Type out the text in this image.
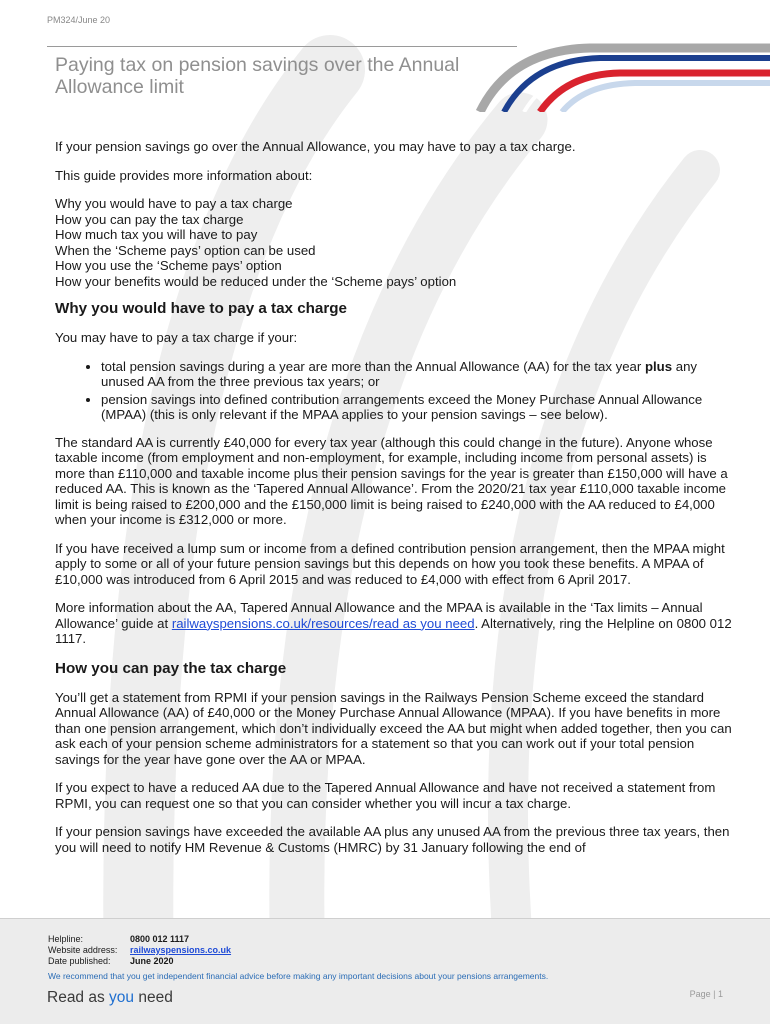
PM324/June 20
Paying tax on pension savings over the Annual Allowance limit

If your pension savings go over the Annual Allowance, you may have to pay a tax charge.

This guide provides more information about:

Why you would have to pay a tax charge
How you can pay the tax charge
How much tax you will have to pay
When the ‘Scheme pays’ option can be used
How you use the ‘Scheme pays’ option
How your benefits would be reduced under the ‘Scheme pays’ option
Why you would have to pay a tax charge

You may have to pay a tax charge if your:

• total pension savings during a year are more than the Annual Allowance (AA) for the tax year plus any unused AA from the three previous tax years; or
• pension savings into defined contribution arrangements exceed the Money Purchase Annual Allowance (MPAA) (this is only relevant if the MPAA applies to your pension savings – see below).

The standard AA is currently £40,000 for every tax year (although this could change in the future). Anyone whose taxable income (from employment and non-employment, for example, including income from personal assets) is more than £110,000 and taxable income plus their pension savings for the year is greater than £150,000 will have a reduced AA. This is known as the ‘Tapered Annual Allowance’. From the 2020/21 tax year £110,000 taxable income limit is being raised to £200,000 and the £150,000 limit is being raised to £240,000 with the AA reduced to £4,000 when your income is £312,000 or more.

If you have received a lump sum or income from a defined contribution pension arrangement, then the MPAA might apply to some or all of your future pension savings but this depends on how you took these benefits. A MPAA of £10,000 was introduced from 6 April 2015 and was reduced to £4,000 with effect from 6 April 2017.

More information about the AA, Tapered Annual Allowance and the MPAA is available in the ‘Tax limits – Annual Allowance’ guide at railwayspensions.co.uk/resources/read as you need. Alternatively, ring the Helpline on 0800 012 1117.

How you can pay the tax charge

You’ll get a statement from RPMI if your pension savings in the Railways Pension Scheme exceed the standard Annual Allowance (AA) of £40,000 or the Money Purchase Annual Allowance (MPAA). If you have benefits in more than one pension arrangement, which don’t individually exceed the AA but might when added together, then you can ask each of your pension scheme administrators for a statement so that you can work out if your total pension savings for the year have gone over the AA or MPAA.

If you expect to have a reduced AA due to the Tapered Annual Allowance and have not received a statement from RPMI, you can request one so that you can consider whether you will incur a tax charge.

If your pension savings have exceeded the available AA plus any unused AA from the previous three tax years, then you will need to notify HM Revenue & Customs (HMRC) by 31 January following the end of

Helpline:	0800 012 1117
Website address:	railwayspensions.co.uk
Date published:	June 2020
We recommend that you get independent financial advice before making any important decisions about your pensions arrangements.
Read as you need	Page | 1
